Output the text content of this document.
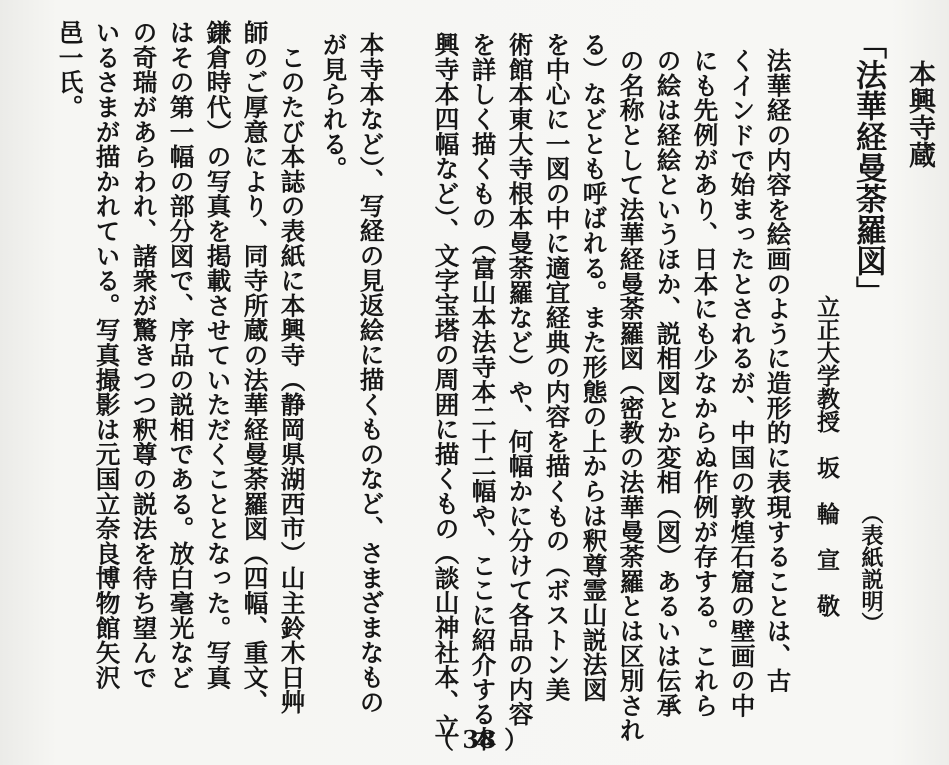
本興寺蔵
「法華経曼荼羅図」
（表紙説明）
立正大学教授　坂　輪　宣　敬
法華経の内容を絵画のように造形的に表現することは、古
くインドで始まったとされるが、中国の敦煌石窟の壁画の中
にも先例があり、日本にも少なからぬ作例が存する。これら
の絵は経絵というほか、説相図とか変相（図）あるいは伝承
の名称として法華経曼荼羅図（密教の法華曼荼羅とは区別され
る）などとも呼ばれる。また形態の上からは釈尊霊山説法図
を中心に一図の中に適宜経典の内容を描くもの（ボストン美
術館本東大寺根本曼荼羅など）や、何幅かに分けて各品の内容
を詳しく描くもの（富山本法寺本二十二幅や、ここに紹介する本
興寺本四幅など）、文字宝塔の周囲に描くもの（談山神社本、立
本寺本など）、写経の見返絵に描くものなど、さまざまなもの
が見られる。
　このたび本誌の表紙に本興寺（静岡県湖西市）山主鈴木日艸
師のご厚意により、同寺所蔵の法華経曼荼羅図（四幅、重文、
鎌倉時代）の写真を掲載させていただくこととなった。写真
はその第一幅の部分図で、序品の説相である。放白毫光など
の奇瑞があらわれ、諸衆が驚きつつ釈尊の説法を待ち望んで
いるさまが描かれている。写真撮影は元国立奈良博物館矢沢
邑一氏。
（ 38 ）
